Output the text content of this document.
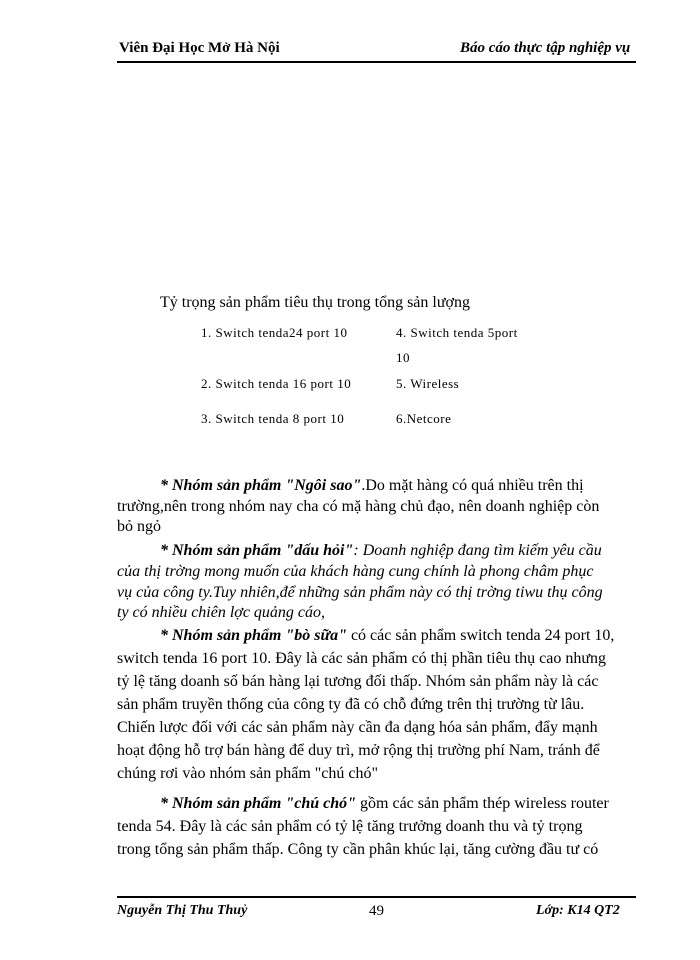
Viên Đại Học Mở Hà Nội	Báo cáo thực tập nghiệp vụ
Tỷ trọng sản phẩm tiêu thụ trong tổng sản lượng
1. Switch tenda24 port 10	4. Switch tenda 5port
10
2. Switch tenda 16 port 10	5. Wireless
3. Switch tenda 8 port 10	6.Netcore
* Nhóm sản phẩm "Ngôi sao".Do mặt hàng có quá nhiều trên thị
trường,nên trong nhóm nay cha có mặ hàng chủ đạo, nên doanh nghiệp còn
bỏ ngỏ
* Nhóm sản phẩm "dấu hỏi": Doanh nghiệp đang tìm kiếm yêu cầu
của thị trờng mong muốn của khách hàng cung chính là phong châm phục
vụ của công ty.Tuy nhiên,để những sản phẩm này có thị trờng tiwu thụ công
ty có nhiều chiên lợc quảng cáo,
* Nhóm sản phẩm "bò sữa" có các sản phẩm switch tenda 24 port 10,
switch tenda 16 port 10. Đây là các sản phẩm có thị phần tiêu thụ cao nhưng
tỷ lệ tăng doanh số bán hàng lại tương đối thấp. Nhóm sản phẩm này là các
sản phẩm truyền thống của công ty đã có chỗ đứng trên thị trường từ lâu.
Chiến lược đối với các sản phẩm này cần đa dạng hóa sản phẩm, đẩy mạnh
hoạt động hỗ trợ bán hàng để duy trì, mở rộng thị trường phí Nam, tránh để
chúng rơi vào nhóm sản phẩm "chú chó"
* Nhóm sản phẩm "chú chó" gồm các sản phẩm thép wireless router
tenda 54. Đây là các sản phẩm có tỷ lệ tăng trưởng doanh thu và tỷ trọng
trong tổng sản phẩm thấp. Công ty cần phân khúc lại, tăng cường đầu tư có
Nguyễn Thị Thu Thuỷ	49	Lớp: K14 QT2
